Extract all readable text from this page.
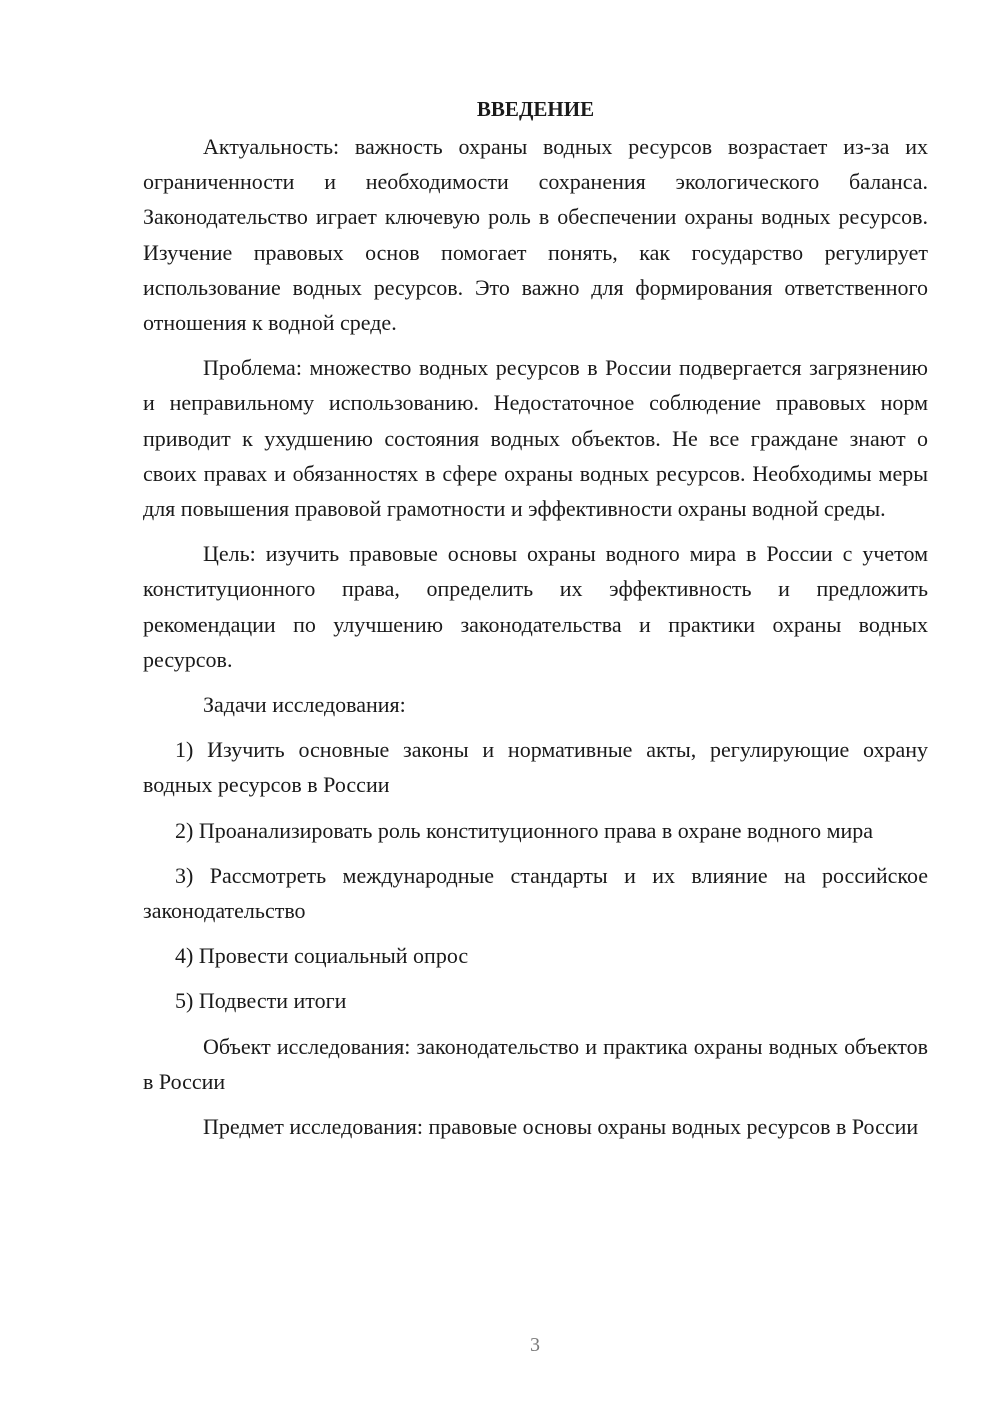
ВВЕДЕНИЕ

Актуальность: важность охраны водных ресурсов возрастает из-за их ограниченности и необходимости сохранения экологического баланса. Законодательство играет ключевую роль в обеспечении охраны водных ресурсов. Изучение правовых основ помогает понять, как государство регулирует использование водных ресурсов. Это важно для формирования ответственного отношения к водной среде.

Проблема: множество водных ресурсов в России подвергается загрязнению и неправильному использованию. Недостаточное соблюдение правовых норм приводит к ухудшению состояния водных объектов. Не все граждане знают о своих правах и обязанностях в сфере охраны водных ресурсов. Необходимы меры для повышения правовой грамотности и эффективности охраны водной среды.

Цель: изучить правовые основы охраны водного мира в России с учетом конституционного права, определить их эффективность и предложить рекомендации по улучшению законодательства и практики охраны водных ресурсов.

Задачи исследования:

1) Изучить основные законы и нормативные акты, регулирующие охрану водных ресурсов в России

2) Проанализировать роль конституционного права в охране водного мира

3) Рассмотреть международные стандарты и их влияние на российское законодательство

4) Провести социальный опрос

5) Подвести итоги

Объект исследования: законодательство и практика охраны водных объектов в России

Предмет исследования: правовые основы охраны водных ресурсов в России

3
